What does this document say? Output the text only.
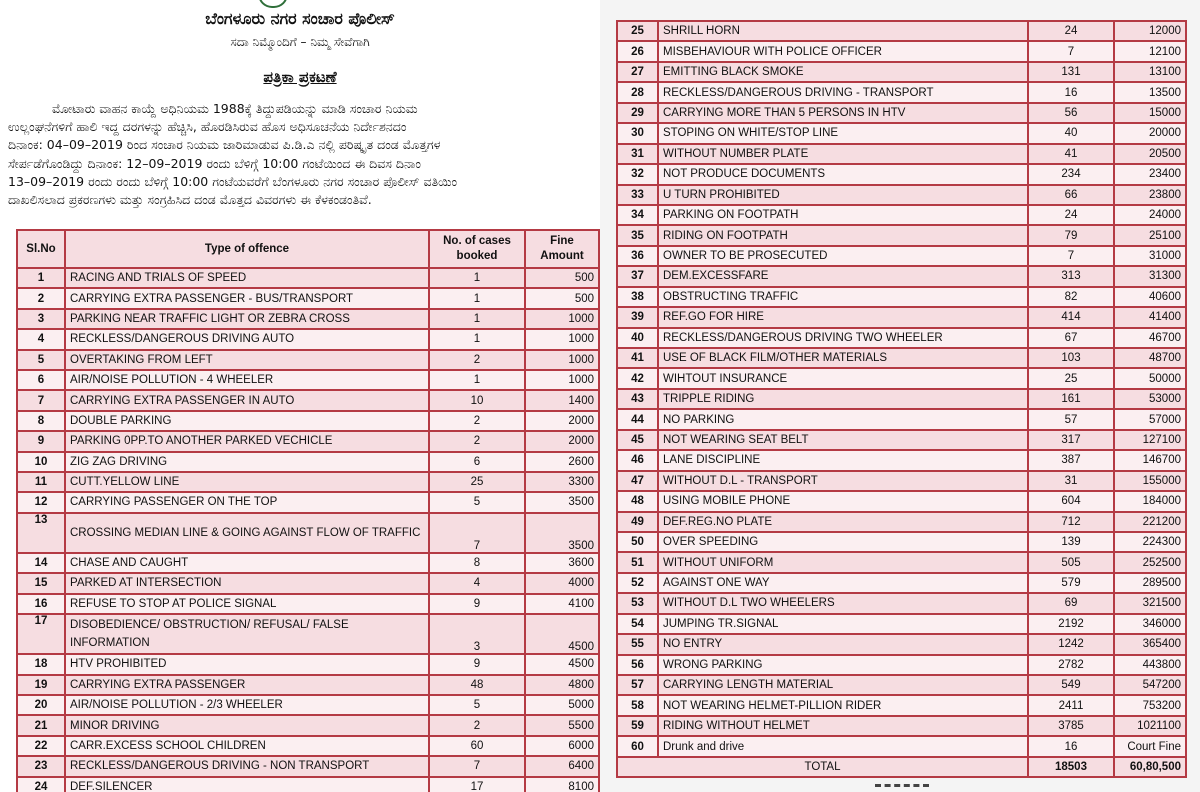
ಬೆಂಗಳೂರು ನಗರ ಸಂಚಾರ ಪೊಲೀಸ್
ಸದಾ ನಿಮ್ಮೊಂದಿಗೆ – ನಿಮ್ಮ ಸೇವೆಗಾಗಿ
ಪತ್ರಿಕಾ ಪ್ರಕಟಣೆ
ಮೋಟಾರು ವಾಹನ ಕಾಯ್ದೆ ಅಧಿನಿಯಮ 1988ಕ್ಕೆ ತಿದ್ದುಪಡಿಯನ್ನು ಮಾಡಿ ಸಂಚಾರ ನಿಯಮ
ಉಲ್ಲಂಘನೆಗಳಿಗೆ ಹಾಲಿ ಇದ್ದ ದರಗಳನ್ನು ಹೆಚ್ಚಿಸಿ, ಹೊರಡಿಸಿರುವ ಹೊಸ ಅಧಿಸೂಚನೆಯ ನಿರ್ದೇಶನದಂ
ದಿನಾಂಕ: 04–09–2019 ರಿಂದ ಸಂಚಾರ ನಿಯಮ ಜಾರಿಮಾಡುವ ಪಿ.ಡಿ.ಎ ನಲ್ಲಿ ಪರಿಷ್ಕೃತ ದಂಡ ಮೊತ್ತಗಳ
ಸೇರ್ಪಡೆಗೊಂಡಿದ್ದು ದಿನಾಂಕ: 12–09–2019 ರಂದು ಬೆಳಿಗ್ಗೆ 10:00 ಗಂಟೆಯಿಂದ ಈ ದಿವಸ ದಿನಾಂ
13–09–2019 ರಂದು ರಂದು ಬೆಳಿಗ್ಗೆ 10:00 ಗಂಟೆಯವರೆಗೆ ಬೆಂಗಳೂರು ನಗರ ಸಂಚಾರ ಪೊಲೀಸ್ ವತಿಯಿಂ
ದಾಖಲಿಸಲಾದ ಪ್ರಕರಣಗಳು ಮತ್ತು ಸಂಗ್ರಹಿಸಿದ ದಂಡ ಮೊತ್ತದ ವಿವರಗಳು ಈ ಕೆಳಕಂಡಂತಿವೆ.
Sl.No	Type of offence	No. of cases booked	Fine Amount
1	RACING AND TRIALS OF SPEED	1	500
2	CARRYING EXTRA PASSENGER - BUS/TRANSPORT	1	500
3	PARKING NEAR TRAFFIC LIGHT OR ZEBRA CROSS	1	1000
4	RECKLESS/DANGEROUS DRIVING AUTO	1	1000
5	OVERTAKING FROM LEFT	2	1000
6	AIR/NOISE POLLUTION - 4 WHEELER	1	1000
7	CARRYING EXTRA PASSENGER IN AUTO	10	1400
8	DOUBLE PARKING	2	2000
9	PARKING 0PP.TO ANOTHER PARKED VECHICLE	2	2000
10	ZIG ZAG DRIVING	6	2600
11	CUTT.YELLOW LINE	25	3300
12	CARRYING PASSENGER ON THE TOP	5	3500
13	CROSSING MEDIAN LINE & GOING AGAINST FLOW OF TRAFFIC	7	3500
14	CHASE AND CAUGHT	8	3600
15	PARKED AT INTERSECTION	4	4000
16	REFUSE TO STOP AT POLICE SIGNAL	9	4100
17	DISOBEDIENCE/ OBSTRUCTION/ REFUSAL/ FALSE INFORMATION	3	4500
18	HTV PROHIBITED	9	4500
19	CARRYING EXTRA PASSENGER	48	4800
20	AIR/NOISE POLLUTION - 2/3 WHEELER	5	5000
21	MINOR DRIVING	2	5500
22	CARR.EXCESS SCHOOL CHILDREN	60	6000
23	RECKLESS/DANGEROUS DRIVING - NON TRANSPORT	7	6400
24	DEF.SILENCER	17	8100
25	SHRILL HORN	24	12000
26	MISBEHAVIOUR WITH POLICE OFFICER	7	12100
27	EMITTING BLACK SMOKE	131	13100
28	RECKLESS/DANGEROUS DRIVING - TRANSPORT	16	13500
29	CARRYING MORE THAN 5 PERSONS IN HTV	56	15000
30	STOPING ON WHITE/STOP LINE	40	20000
31	WITHOUT NUMBER PLATE	41	20500
32	NOT PRODUCE DOCUMENTS	234	23400
33	U TURN PROHIBITED	66	23800
34	PARKING ON FOOTPATH	24	24000
35	RIDING ON FOOTPATH	79	25100
36	OWNER TO BE PROSECUTED	7	31000
37	DEM.EXCESSFARE	313	31300
38	OBSTRUCTING TRAFFIC	82	40600
39	REF.GO FOR HIRE	414	41400
40	RECKLESS/DANGEROUS DRIVING TWO WHEELER	67	46700
41	USE OF BLACK FILM/OTHER MATERIALS	103	48700
42	WIHTOUT INSURANCE	25	50000
43	TRIPPLE RIDING	161	53000
44	NO PARKING	57	57000
45	NOT WEARING SEAT BELT	317	127100
46	LANE DISCIPLINE	387	146700
47	WITHOUT D.L - TRANSPORT	31	155000
48	USING MOBILE PHONE	604	184000
49	DEF.REG.NO PLATE	712	221200
50	OVER SPEEDING	139	224300
51	WITHOUT UNIFORM	505	252500
52	AGAINST ONE WAY	579	289500
53	WITHOUT D.L TWO WHEELERS	69	321500
54	JUMPING TR.SIGNAL	2192	346000
55	NO ENTRY	1242	365400
56	WRONG PARKING	2782	443800
57	CARRYING LENGTH MATERIAL	549	547200
58	NOT WEARING HELMET-PILLION RIDER	2411	753200
59	RIDING WITHOUT HELMET	3785	1021100
60	Drunk and drive	16	Court Fine
TOTAL		18503	60,80,500
